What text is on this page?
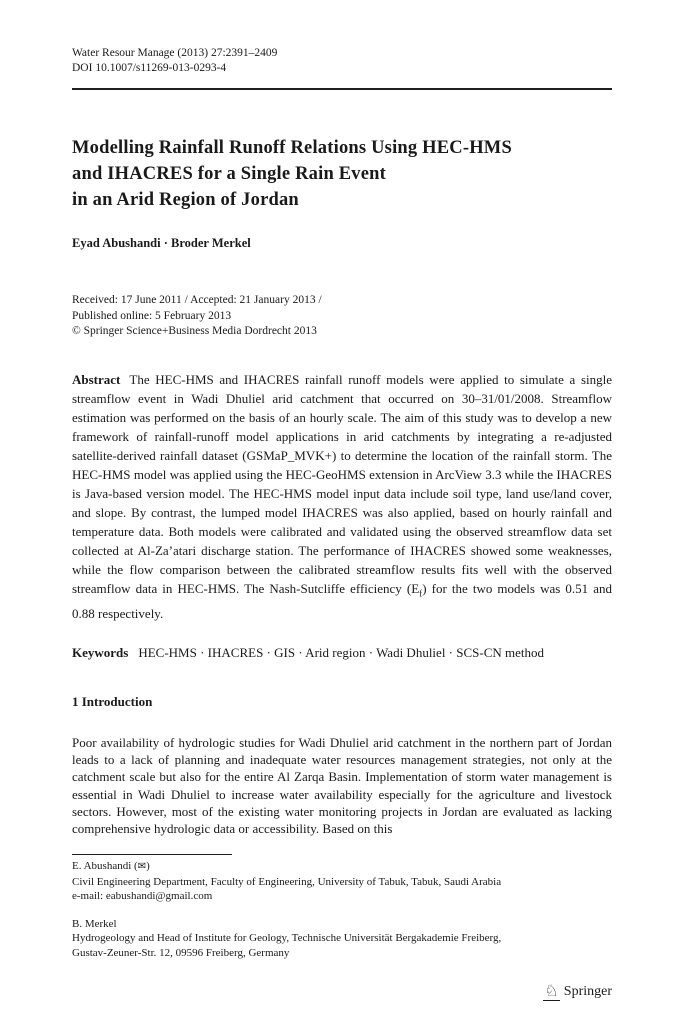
Water Resour Manage (2013) 27:2391–2409
DOI 10.1007/s11269-013-0293-4
Modelling Rainfall Runoff Relations Using HEC-HMS
and IHACRES for a Single Rain Event
in an Arid Region of Jordan
Eyad Abushandi · Broder Merkel
Received: 17 June 2011 / Accepted: 21 January 2013 /
Published online: 5 February 2013
© Springer Science+Business Media Dordrecht 2013

Abstract The HEC-HMS and IHACRES rainfall runoff models were applied to simulate a single streamflow event in Wadi Dhuliel arid catchment that occurred on 30–31/01/2008. Streamflow estimation was performed on the basis of an hourly scale. The aim of this study was to develop a new framework of rainfall-runoff model applications in arid catchments by integrating a re-adjusted satellite-derived rainfall dataset (GSMaP_MVK+) to determine the location of the rainfall storm. The HEC-HMS model was applied using the HEC-GeoHMS extension in ArcView 3.3 while the IHACRES is Java-based version model. The HEC-HMS model input data include soil type, land use/land cover, and slope. By contrast, the lumped model IHACRES was also applied, based on hourly rainfall and temperature data. Both models were calibrated and validated using the observed streamflow data set collected at Al-Za’atari discharge station. The performance of IHACRES showed some weaknesses, while the flow comparison between the calibrated streamflow results fits well with the observed streamflow data in HEC-HMS. The Nash-Sutcliffe efficiency $(E_f)$ for the two models was 0.51 and 0.88 respectively.

Keywords HEC-HMS · IHACRES · GIS · Arid region · Wadi Dhuliel · SCS-CN method

1 Introduction

Poor availability of hydrologic studies for Wadi Dhuliel arid catchment in the northern part of Jordan leads to a lack of planning and inadequate water resources management strategies, not only at the catchment scale but also for the entire Al Zarqa Basin. Implementation of storm water management is essential in Wadi Dhuliel to increase water availability especially for the agriculture and livestock sectors. However, most of the existing water monitoring projects in Jordan are evaluated as lacking comprehensive hydrologic data or accessibility. Based on this

E. Abushandi (✉)
Civil Engineering Department, Faculty of Engineering, University of Tabuk, Tabuk, Saudi Arabia
e-mail: eabushandi@gmail.com
B. Merkel
Hydrogeology and Head of Institute for Geology, Technische Universität Bergakademie Freiberg,
Gustav-Zeuner-Str. 12, 09596 Freiberg, Germany
♘ Springer
